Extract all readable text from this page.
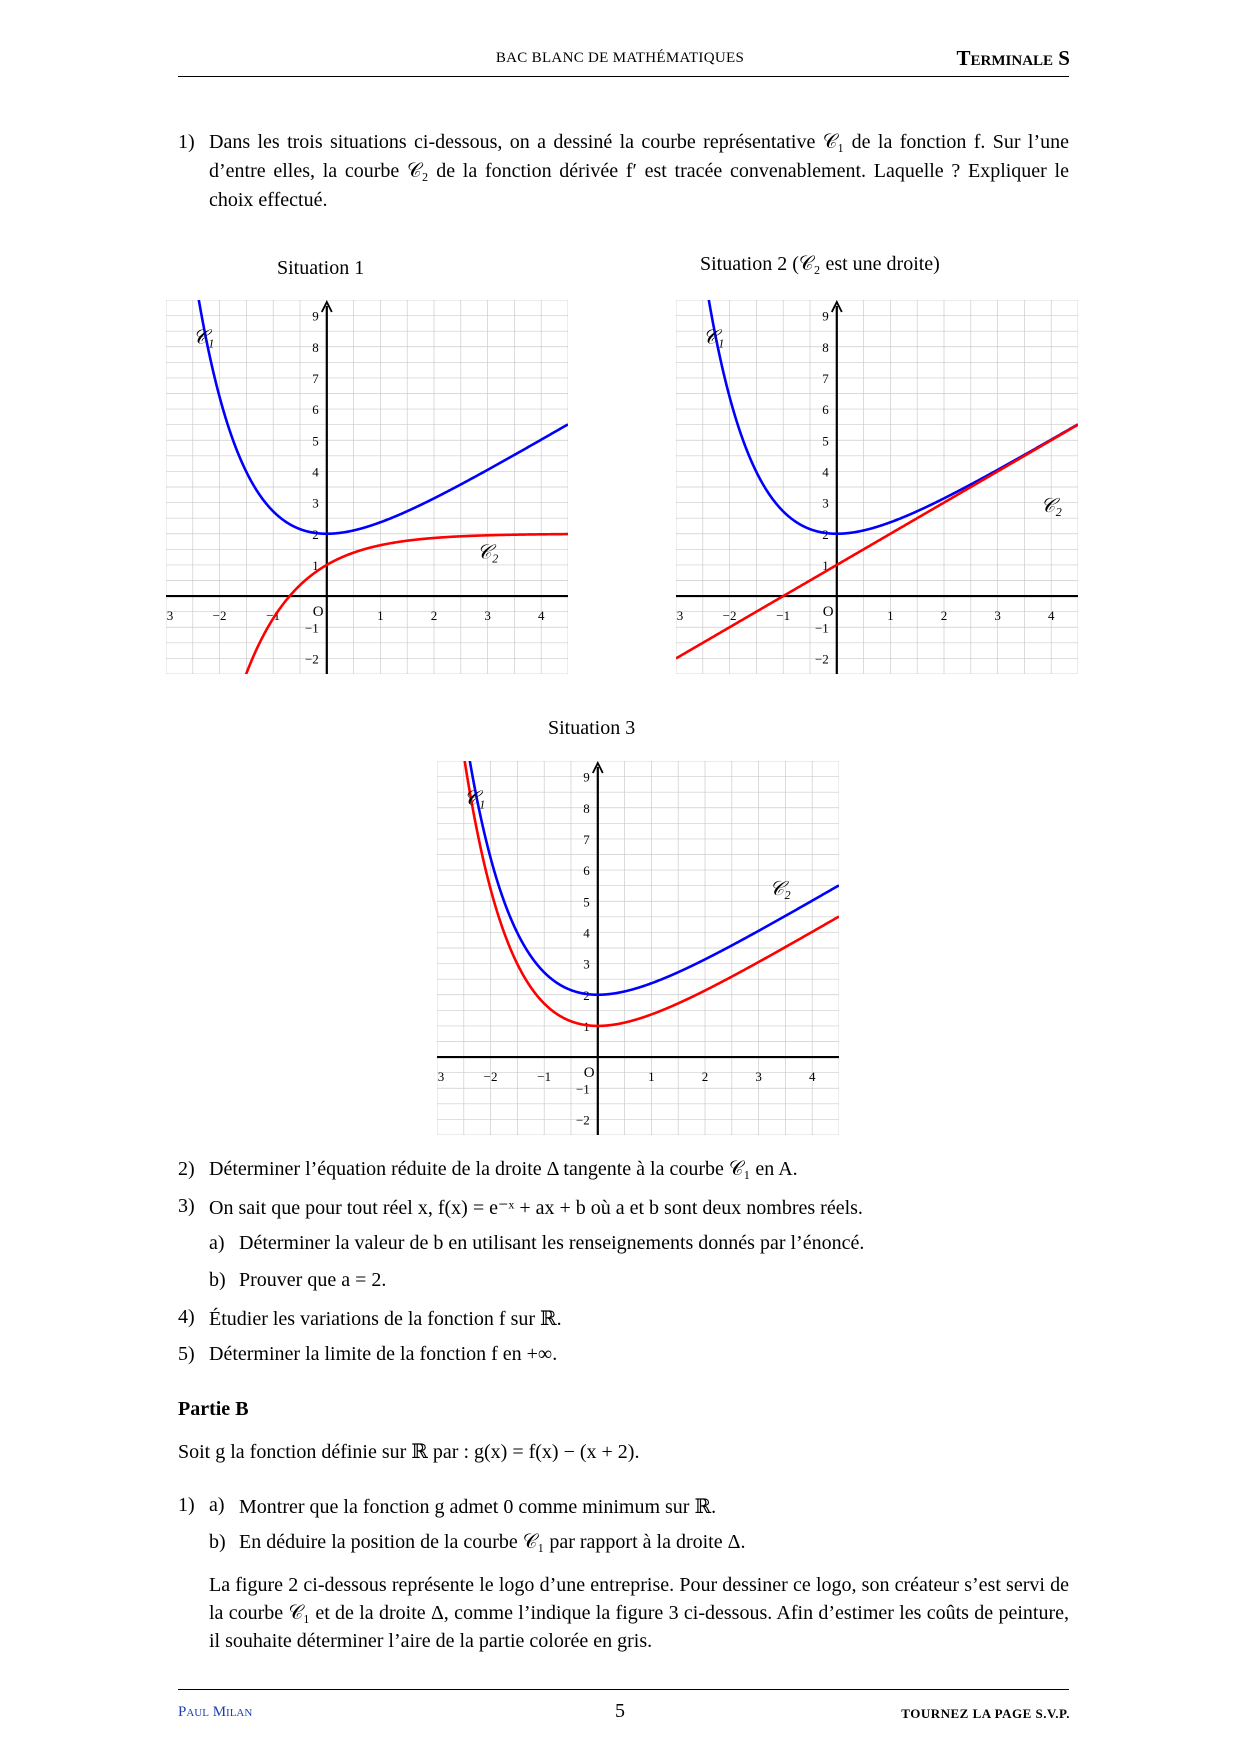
BAC BLANC DE MATHÉMATIQUES	Terminale S
1) Dans les trois situations ci-dessous, on a dessiné la courbe représentative 𝒞₁ de la fonction f. Sur l’une d’entre elles, la courbe 𝒞₂ de la fonction dérivée f′ est tracée convenablement. Laquelle ? Expliquer le choix effectué.
Situation 1	Situation 2 (𝒞₂ est une droite)
Situation 3
3	−2	−1	1	2	3	4
9
8
7
6
5
4
3
2
1
−1
−2
O
𝒞₁
𝒞₂
3	−2	−1	1	2	3	4
9
8
7
6
5
4
3
2
1
−1
−2
O
𝒞₁
𝒞₂
3	−2	−1	1	2	3	4
9
8
7
6
5
4
3
2
1
−1
−2
O
𝒞₁
𝒞₂
2) Déterminer l’équation réduite de la droite Δ tangente à la courbe 𝒞₁ en A.
3) On sait que pour tout réel x, f(x) = e⁻ˣ + ax + b où a et b sont deux nombres réels.
a) Déterminer la valeur de b en utilisant les renseignements donnés par l’énoncé.
b) Prouver que a = 2.
4) Étudier les variations de la fonction f sur ℝ.
5) Déterminer la limite de la fonction f en +∞.
Partie B
Soit g la fonction définie sur ℝ par : g(x) = f(x) − (x + 2).
1) a) Montrer que la fonction g admet 0 comme minimum sur ℝ.
b) En déduire la position de la courbe 𝒞₁ par rapport à la droite Δ.
La figure 2 ci-dessous représente le logo d’une entreprise. Pour dessiner ce logo, son créateur s’est servi de la courbe 𝒞₁ et de la droite Δ, comme l’indique la figure 3 ci-dessous. Afin d’estimer les coûts de peinture, il souhaite déterminer l’aire de la partie colorée en gris.
Paul Milan	5	TOURNEZ LA PAGE S.V.P.
